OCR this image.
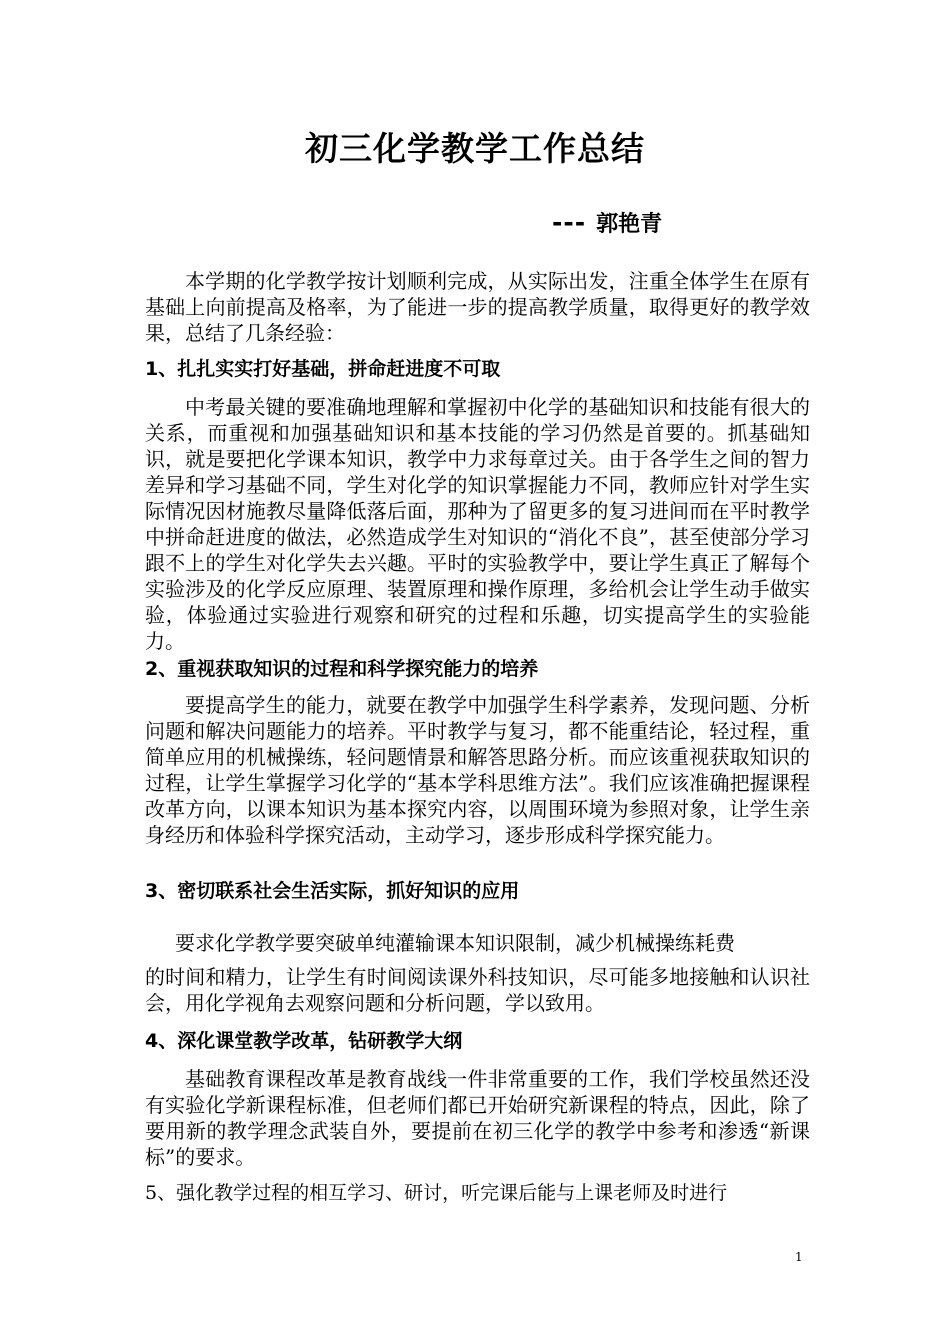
初三化学教学工作总结
--- 郭艳青

本学期的化学教学按计划顺利完成，从实际出发，注重全体学生在原有基础上向前提高及格率，为了能进一步的提高教学质量，取得更好的教学效果，总结了几条经验：

1、扎扎实实打好基础，拼命赶进度不可取

中考最关键的要准确地理解和掌握初中化学的基础知识和技能有很大的关系，而重视和加强基础知识和基本技能的学习仍然是首要的。抓基础知识，就是要把化学课本知识，教学中力求每章过关。由于各学生之间的智力差异和学习基础不同，学生对化学的知识掌握能力不同，教师应针对学生实际情况因材施教尽量降低落后面，那种为了留更多的复习进间而在平时教学中拼命赶进度的做法，必然造成学生对知识的“消化不良”，甚至使部分学习跟不上的学生对化学失去兴趣。平时的实验教学中，要让学生真正了解每个实验涉及的化学反应原理、装置原理和操作原理，多给机会让学生动手做实验，体验通过实验进行观察和研究的过程和乐趣，切实提高学生的实验能力。

2、重视获取知识的过程和科学探究能力的培养

要提高学生的能力，就要在教学中加强学生科学素养，发现问题、分析问题和解决问题能力的培养。平时教学与复习，都不能重结论，轻过程，重简单应用的机械操练，轻问题情景和解答思路分析。而应该重视获取知识的过程，让学生掌握学习化学的“基本学科思维方法”。我们应该准确把握课程改革方向，以课本知识为基本探究内容，以周围环境为参照对象，让学生亲身经历和体验科学探究活动，主动学习，逐步形成科学探究能力。

3、密切联系社会生活实际，抓好知识的应用

要求化学教学要突破单纯灌输课本知识限制，减少机械操练耗费

的时间和精力，让学生有时间阅读课外科技知识，尽可能多地接触和认识社会，用化学视角去观察问题和分析问题，学以致用。

4、深化课堂教学改革，钻研教学大纲

基础教育课程改革是教育战线一件非常重要的工作，我们学校虽然还没有实验化学新课程标准，但老师们都已开始研究新课程的特点，因此，除了要用新的教学理念武装自外，要提前在初三化学的教学中参考和渗透“新课标”的要求。

5、强化教学过程的相互学习、研讨，听完课后能与上课老师及时进行

1
